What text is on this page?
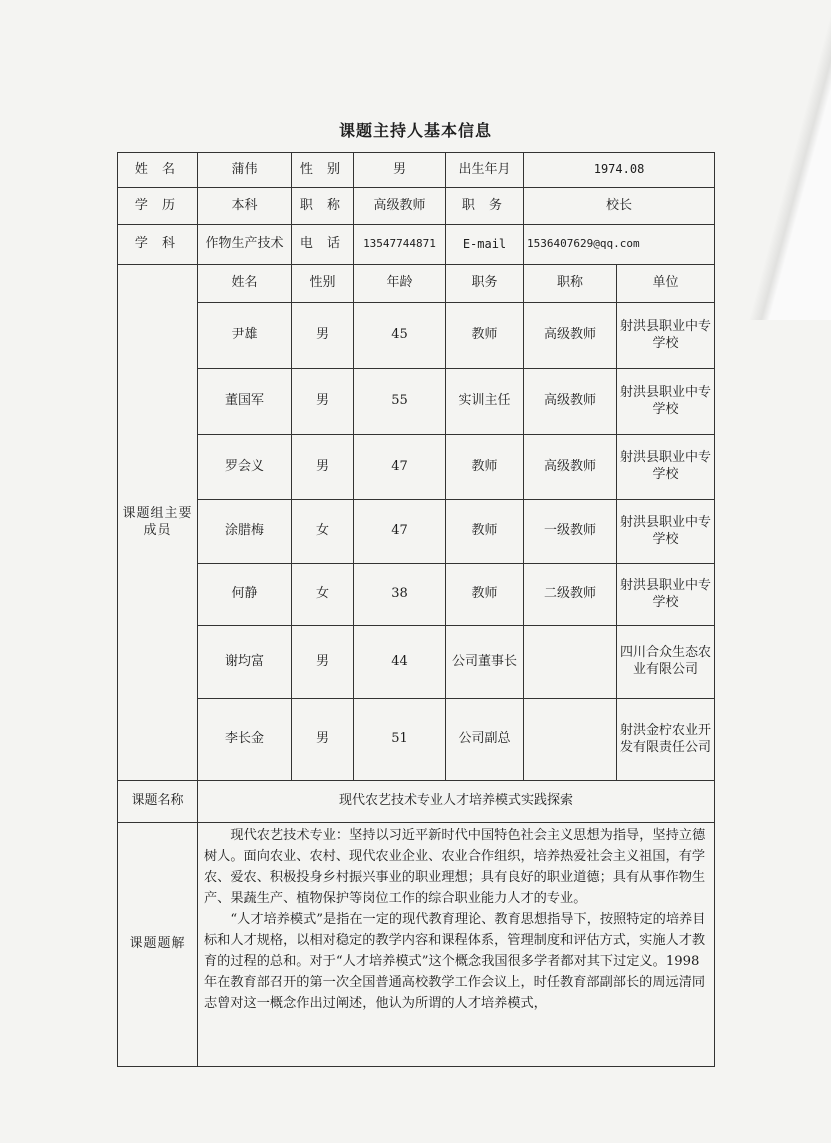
课题主持人基本信息
姓 名	蒲伟	性 别	男	出生年月	1974.08	
学 历	本科	职 称	高级教师	职 务	校长	
学 科	作物生产技术	电 话	13547744871	E-mail	1536407629@qq.com	
课题组主要成员	姓名	性别	年龄	职务	职称	单位
	尹雄	男	45	教师	高级教师	射洪县职业中专学校
	董国军	男	55	实训主任	高级教师	射洪县职业中专学校
	罗会义	男	47	教师	高级教师	射洪县职业中专学校
	涂腊梅	女	47	教师	一级教师	射洪县职业中专学校
	何静	女	38	教师	二级教师	射洪县职业中专学校
	谢均富	男	44	公司董事长		四川合众生态农业有限公司
	李长金	男	51	公司副总		射洪金柠农业开发有限责任公司
课题名称	现代农艺技术专业人才培养模式实践探索					
课题题解	现代农艺技术专业：坚持以习近平新时代中国特色社会主义思想为指导，坚持立德树人。面向农业、农村、现代农业企业、农业合作组织，培养热爱社会主义祖国，有学农、爱农、积极投身乡村振兴事业的职业理想；具有良好的职业道德；具有从事作物生产、果蔬生产、植物保护等岗位工作的综合职业能力人才的专业。

“人才培养模式”是指在一定的现代教育理论、教育思想指导下，按照特定的培养目标和人才规格，以相对稳定的教学内容和课程体系，管理制度和评估方式，实施人才教育的过程的总和。对于“人才培养模式”这个概念我国很多学者都对其下过定义。1998 年在教育部召开的第一次全国普通高校教学工作会议上，时任教育部副部长的周远清同志曾对这一概念作出过阐述，他认为所谓的人才培养模式，					
